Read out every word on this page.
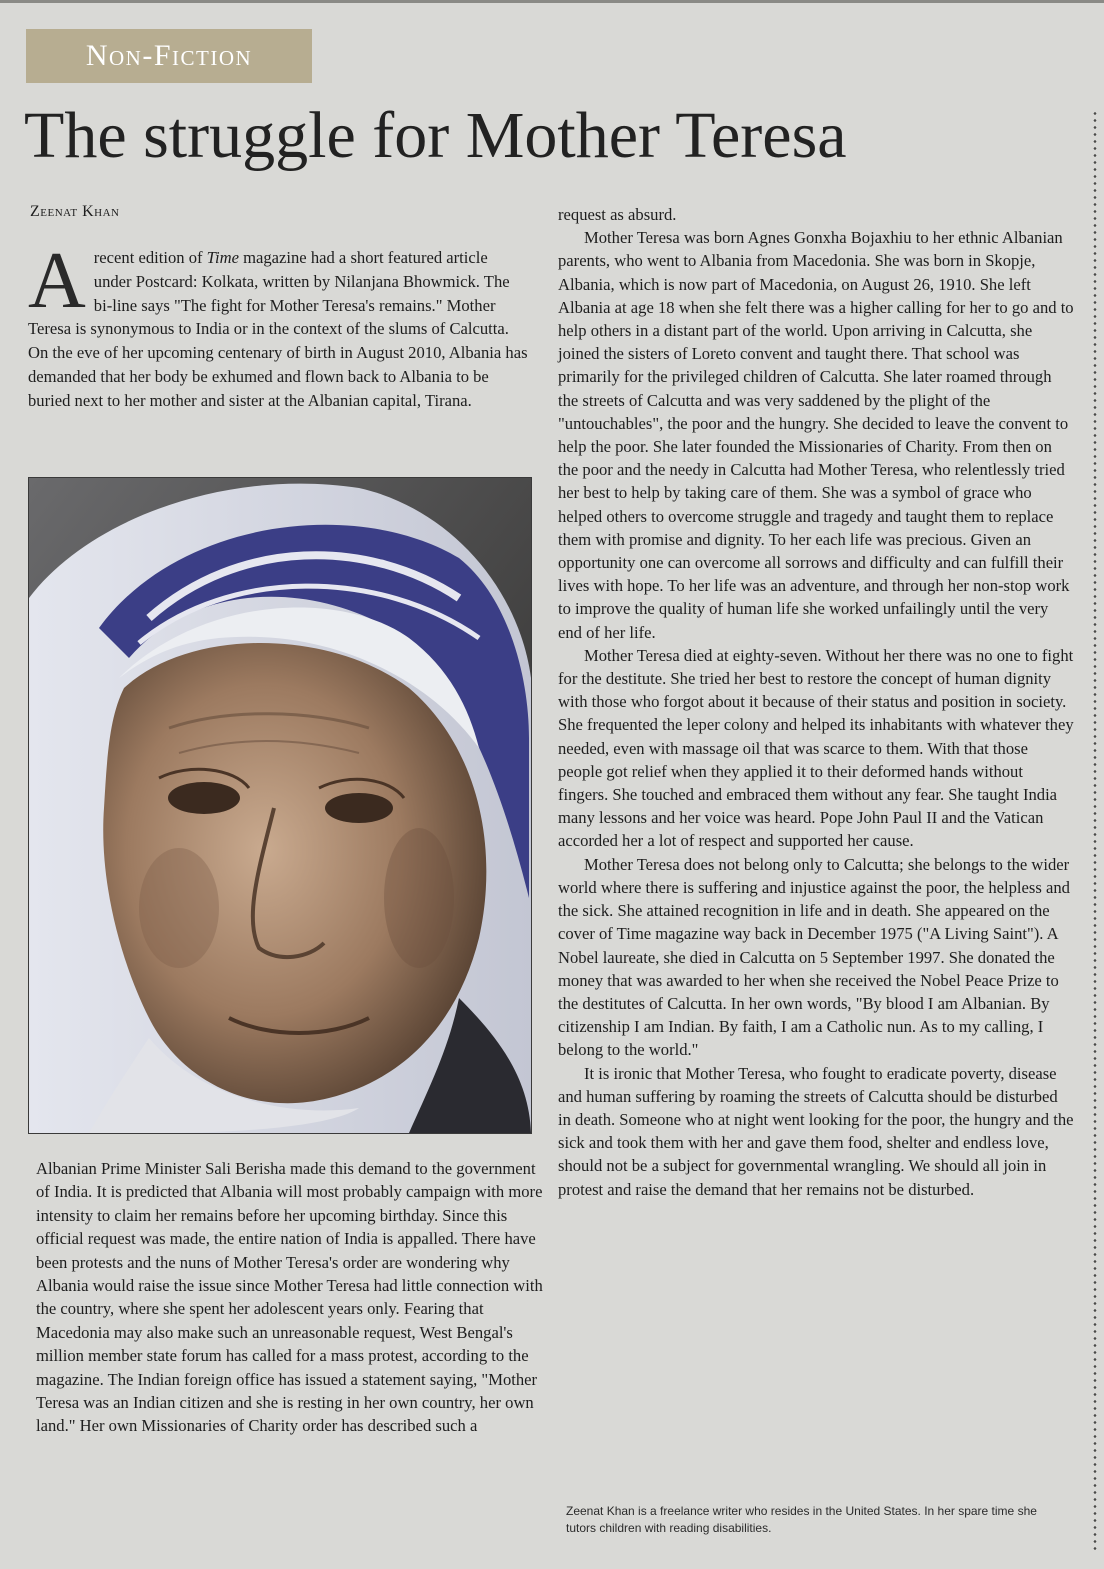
Non-Fiction
The struggle for Mother Teresa
Zeenat Khan

Arecent edition of Time magazine had a short featured article under Postcard: Kolkata, written by Nilanjana Bhowmick. The bi-line says "The fight for Mother Teresa's remains." Mother Teresa is synonymous to India or in the context of the slums of Calcutta. On the eve of her upcoming centenary of birth in August 2010, Albania has demanded that her body be exhumed and flown back to Albania to be buried next to her mother and sister at the Albanian capital, Tirana.

Albanian Prime Minister Sali Berisha made this demand to the government of India. It is predicted that Albania will most probably campaign with more intensity to claim her remains before her upcoming birthday. Since this official request was made, the entire nation of India is appalled. There have been protests and the nuns of Mother Teresa's order are wondering why Albania would raise the issue since Mother Teresa had little connection with the country, where she spent her adolescent years only. Fearing that Macedonia may also make such an unreasonable request, West Bengal's million member state forum has called for a mass protest, according to the magazine. The Indian foreign office has issued a statement saying, "Mother Teresa was an Indian citizen and she is resting in her own country, her own land." Her own Missionaries of Charity order has described such a

request as absurd.

Mother Teresa was born Agnes Gonxha Bojaxhiu to her ethnic Albanian parents, who went to Albania from Macedonia. She was born in Skopje, Albania, which is now part of Macedonia, on August 26, 1910. She left Albania at age 18 when she felt there was a higher calling for her to go and to help others in a distant part of the world. Upon arriving in Calcutta, she joined the sisters of Loreto convent and taught there. That school was primarily for the privileged children of Calcutta. She later roamed through the streets of Calcutta and was very saddened by the plight of the "untouchables", the poor and the hungry. She decided to leave the convent to help the poor. She later founded the Missionaries of Charity. From then on the poor and the needy in Calcutta had Mother Teresa, who relentlessly tried her best to help by taking care of them. She was a symbol of grace who helped others to overcome struggle and tragedy and taught them to replace them with promise and dignity. To her each life was precious. Given an opportunity one can overcome all sorrows and difficulty and can fulfill their lives with hope. To her life was an adventure, and through her non-stop work to improve the quality of human life she worked unfailingly until the very end of her life.

Mother Teresa died at eighty-seven. Without her there was no one to fight for the destitute. She tried her best to restore the concept of human dignity with those who forgot about it because of their status and position in society. She frequented the leper colony and helped its inhabitants with whatever they needed, even with massage oil that was scarce to them. With that those people got relief when they applied it to their deformed hands without fingers. She touched and embraced them without any fear. She taught India many lessons and her voice was heard. Pope John Paul II and the Vatican accorded her a lot of respect and supported her cause.

Mother Teresa does not belong only to Calcutta; she belongs to the wider world where there is suffering and injustice against the poor, the helpless and the sick. She attained recognition in life and in death. She appeared on the cover of Time magazine way back in December 1975 ("A Living Saint"). A Nobel laureate, she died in Calcutta on 5 September 1997. She donated the money that was awarded to her when she received the Nobel Peace Prize to the destitutes of Calcutta. In her own words, "By blood I am Albanian. By citizenship I am Indian. By faith, I am a Catholic nun. As to my calling, I belong to the world."

It is ironic that Mother Teresa, who fought to eradicate poverty, disease and human suffering by roaming the streets of Calcutta should be disturbed in death. Someone who at night went looking for the poor, the hungry and the sick and took them with her and gave them food, shelter and endless love, should not be a subject for governmental wrangling. We should all join in protest and raise the demand that her remains not be disturbed.

Zeenat Khan is a freelance writer who resides in the United States. In her spare time she tutors children with reading disabilities.
